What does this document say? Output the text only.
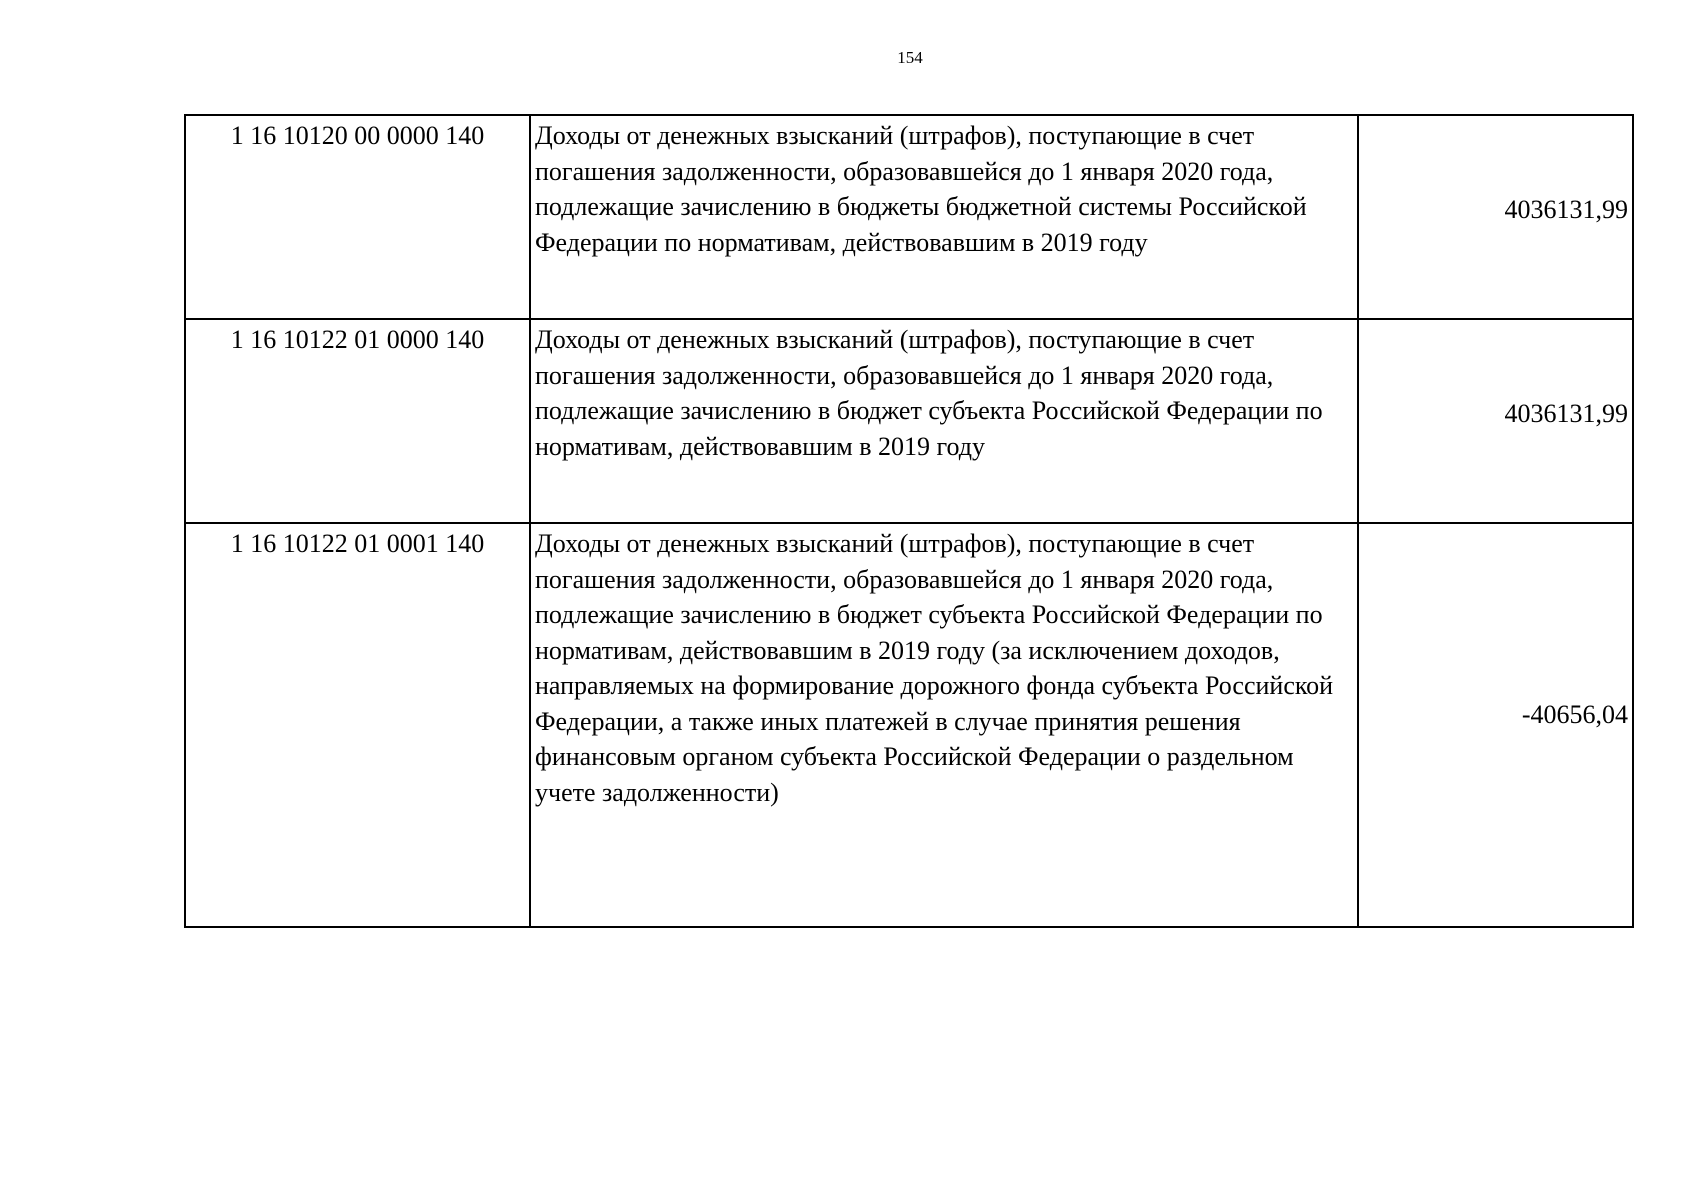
154
1 16 10120 00 0000 140	Доходы от денежных взысканий (штрафов), поступающие в счет погашения задолженности, образовавшейся до 1 января 2020 года, подлежащие зачислению в бюджеты бюджетной системы Российской Федерации по нормативам, действовавшим в 2019 году	4036131,99
1 16 10122 01 0000 140	Доходы от денежных взысканий (штрафов), поступающие в счет погашения задолженности, образовавшейся до 1 января 2020 года, подлежащие зачислению в бюджет субъекта Российской Федерации по нормативам, действовавшим в 2019 году	4036131,99
1 16 10122 01 0001 140	Доходы от денежных взысканий (штрафов), поступающие в счет погашения задолженности, образовавшейся до 1 января 2020 года, подлежащие зачислению в бюджет субъекта Российской Федерации по нормативам, действовавшим в 2019 году (за исключением доходов, направляемых на формирование дорожного фонда субъекта Российской Федерации, а также иных платежей в случае принятия решения финансовым органом субъекта Российской Федерации о раздельном учете задолженности)	-40656,04
